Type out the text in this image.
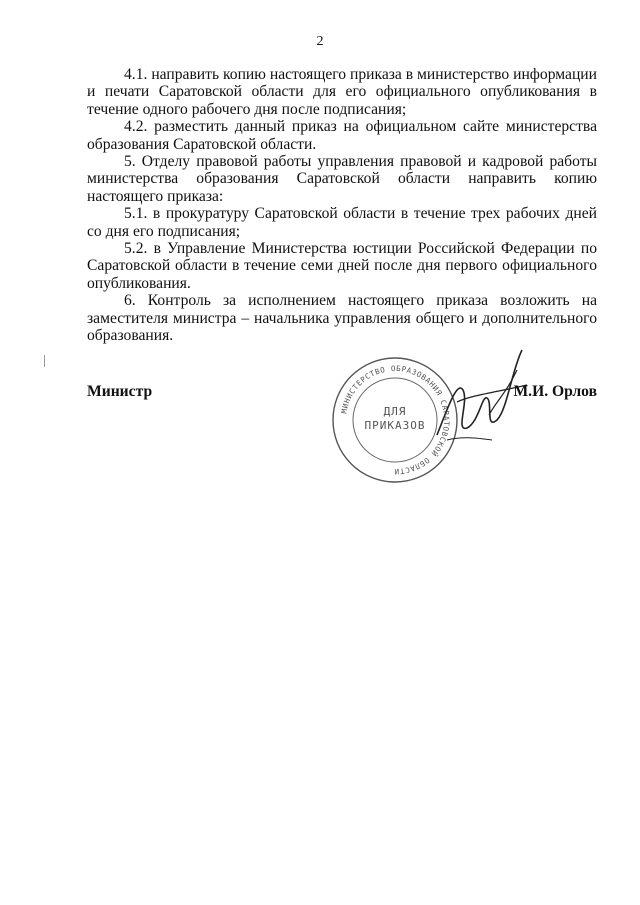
2

4.1. направить копию настоящего приказа в министерство информации и печати Саратовской области для его официального опубликования в течение одного рабочего дня после подписания;

4.2. разместить данный приказ на официальном сайте министерства образования Саратовской области.

5. Отделу правовой работы управления правовой и кадровой работы министерства образования Саратовской области направить копию настоящего приказа:

5.1. в прокуратуру Саратовской области в течение трех рабочих дней со дня его подписания;

5.2. в Управление Министерства юстиции Российской Федерации по Саратовской области в течение семи дней после дня первого официального опубликования.

6. Контроль за исполнением настоящего приказа возложить на заместителя министра – начальника управления общего и дополнительного образования.

Министр
МИНИСТЕРСТВО ОБРАЗОВАНИЯ САРАТОВСКОЙ ОБЛАСТИ
ДЛЯ
ПРИКАЗОВ
М.И. Орлов
